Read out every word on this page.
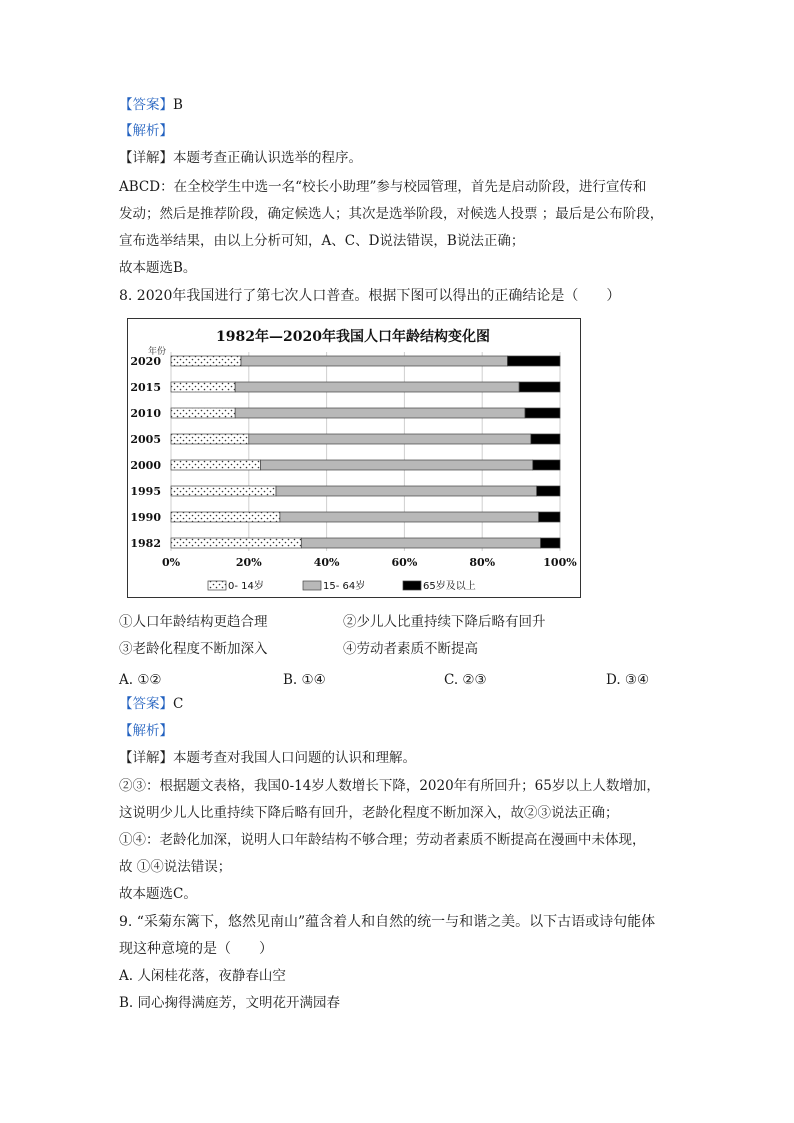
【答案】B
【解析】
【详解】本题考查正确认识选举的程序。
ABCD：在全校学生中选一名“校长小助理”参与校园管理，首先是启动阶段，进行宣传和
发动；然后是推荐阶段，确定候选人；其次是选举阶段，对候选人投票 ；最后是公布阶段，
宣布选举结果，由以上分析可知，A、C、D说法错误，B说法正确；
故本题选B。
8. 2020年我国进行了第七次人口普查。根据下图可以得出的正确结论是（　　）
1982年—2020年我国人口年龄结构变化图
年份
2020
2015
2010
2005
2000
1995
1990
1982
0%	20%	40%	60%	80%	100%
0- 14岁	15- 64岁	65岁及以上
①人口年龄结构更趋合理	②少儿人比重持续下降后略有回升
③老龄化程度不断加深入	④劳动者素质不断提高
A. ①②	B. ①④	C. ②③	D. ③④
【答案】C
【解析】
【详解】本题考查对我国人口问题的认识和理解。
②③：根据题文表格，我国0-14岁人数增长下降，2020年有所回升；65岁以上人数增加，
这说明少儿人比重持续下降后略有回升，老龄化程度不断加深入，故②③说法正确；
①④：老龄化加深，说明人口年龄结构不够合理；劳动者素质不断提高在漫画中未体现，
故 ①④说法错误；
故本题选C。
9. “采菊东篱下，悠然见南山”蕴含着人和自然的统一与和谐之美。以下古语或诗句能体
现这种意境的是（　　）
A. 人闲桂花落，夜静春山空
B. 同心掬得满庭芳，文明花开满园春
